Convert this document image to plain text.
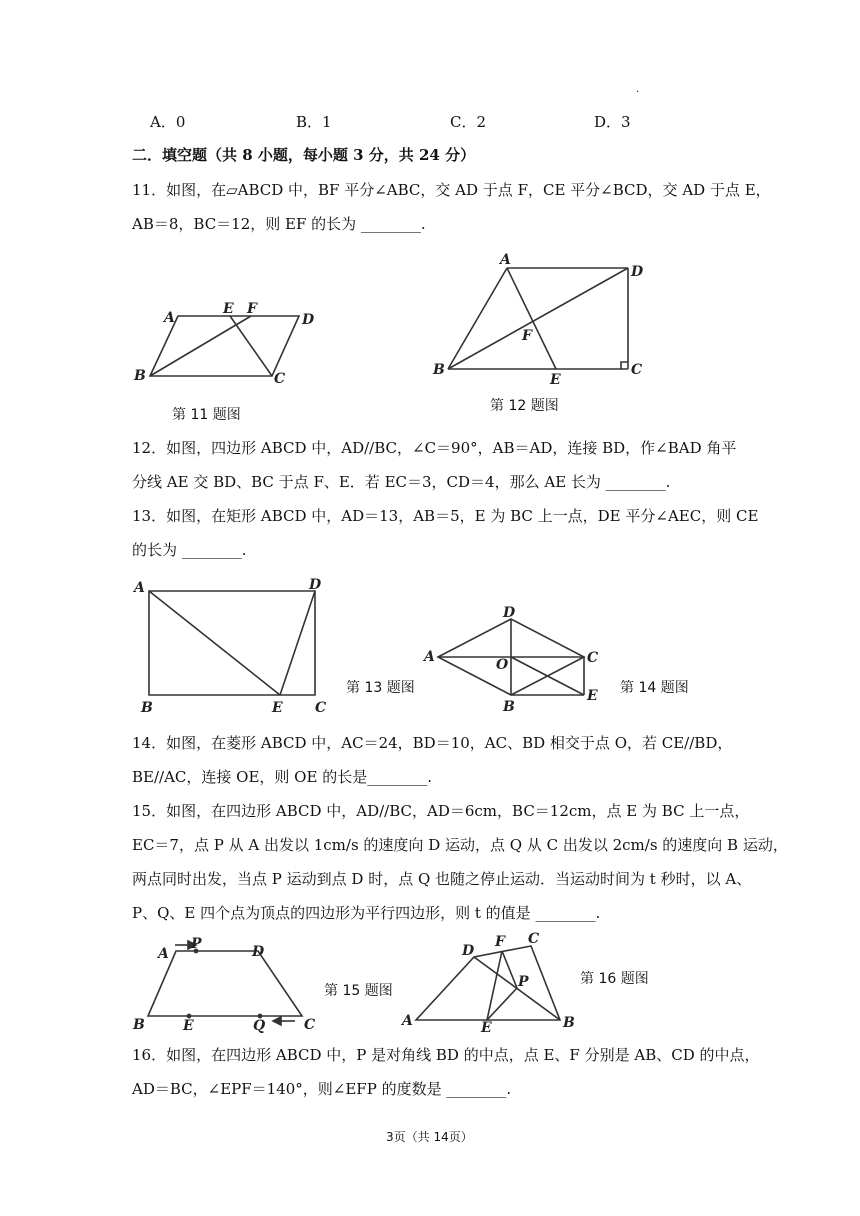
.
A．0	B．1	C．2	D．3
二．填空题（共 8 小题，每小题 3 分，共 24 分）
11．如图，在▱ABCD 中，BF 平分∠ABC，交 AD 于点 F，CE 平分∠BCD，交 AD 于点 E，
AB＝8，BC＝12，则 EF 的长为 ________.
A
E F
D
B	C
第 11 题图
A
D
F
B
E
C
第 12 题图
12．如图，四边形 ABCD 中，AD//BC，∠C＝90°，AB＝AD，连接 BD，作∠BAD 角平
分线 AE 交 BD、BC 于点 F、E．若 EC＝3，CD＝4，那么 AE 长为 ________.
13．如图，在矩形 ABCD 中，AD＝13，AB＝5，E 为 BC 上一点，DE 平分∠AEC，则 CE
的长为 ________.
A	D
B	E C
第 13 题图
D
A	O	C
B
E 第 14 题图
14．如图，在菱形 ABCD 中，AC＝24，BD＝10，AC、BD 相交于点 O，若 CE//BD，
BE//AC，连接 OE，则 OE 的长是________.
15．如图，在四边形 ABCD 中，AD//BC，AD＝6cm，BC＝12cm，点 E 为 BC 上一点，
EC＝7，点 P 从 A 出发以 1cm/s 的速度向 D 运动，点 Q 从 C 出发以 2cm/s 的速度向 B 运动，
两点同时出发，当点 P 运动到点 D 时，点 Q 也随之停止运动．当运动时间为 t 秒时，以 A、
P、Q、E 四个点为顶点的四边形为平行四边形，则 t 的值是 ________.
A
P	D
B	E	Q	C
第 15 题图
D
F C
P
A	E	B
第 16 题图
16．如图，在四边形 ABCD 中，P 是对角线 BD 的中点，点 E、F 分别是 AB、CD 的中点，
AD＝BC，∠EPF＝140°，则∠EFP 的度数是 ________.
3页（共 14页）
